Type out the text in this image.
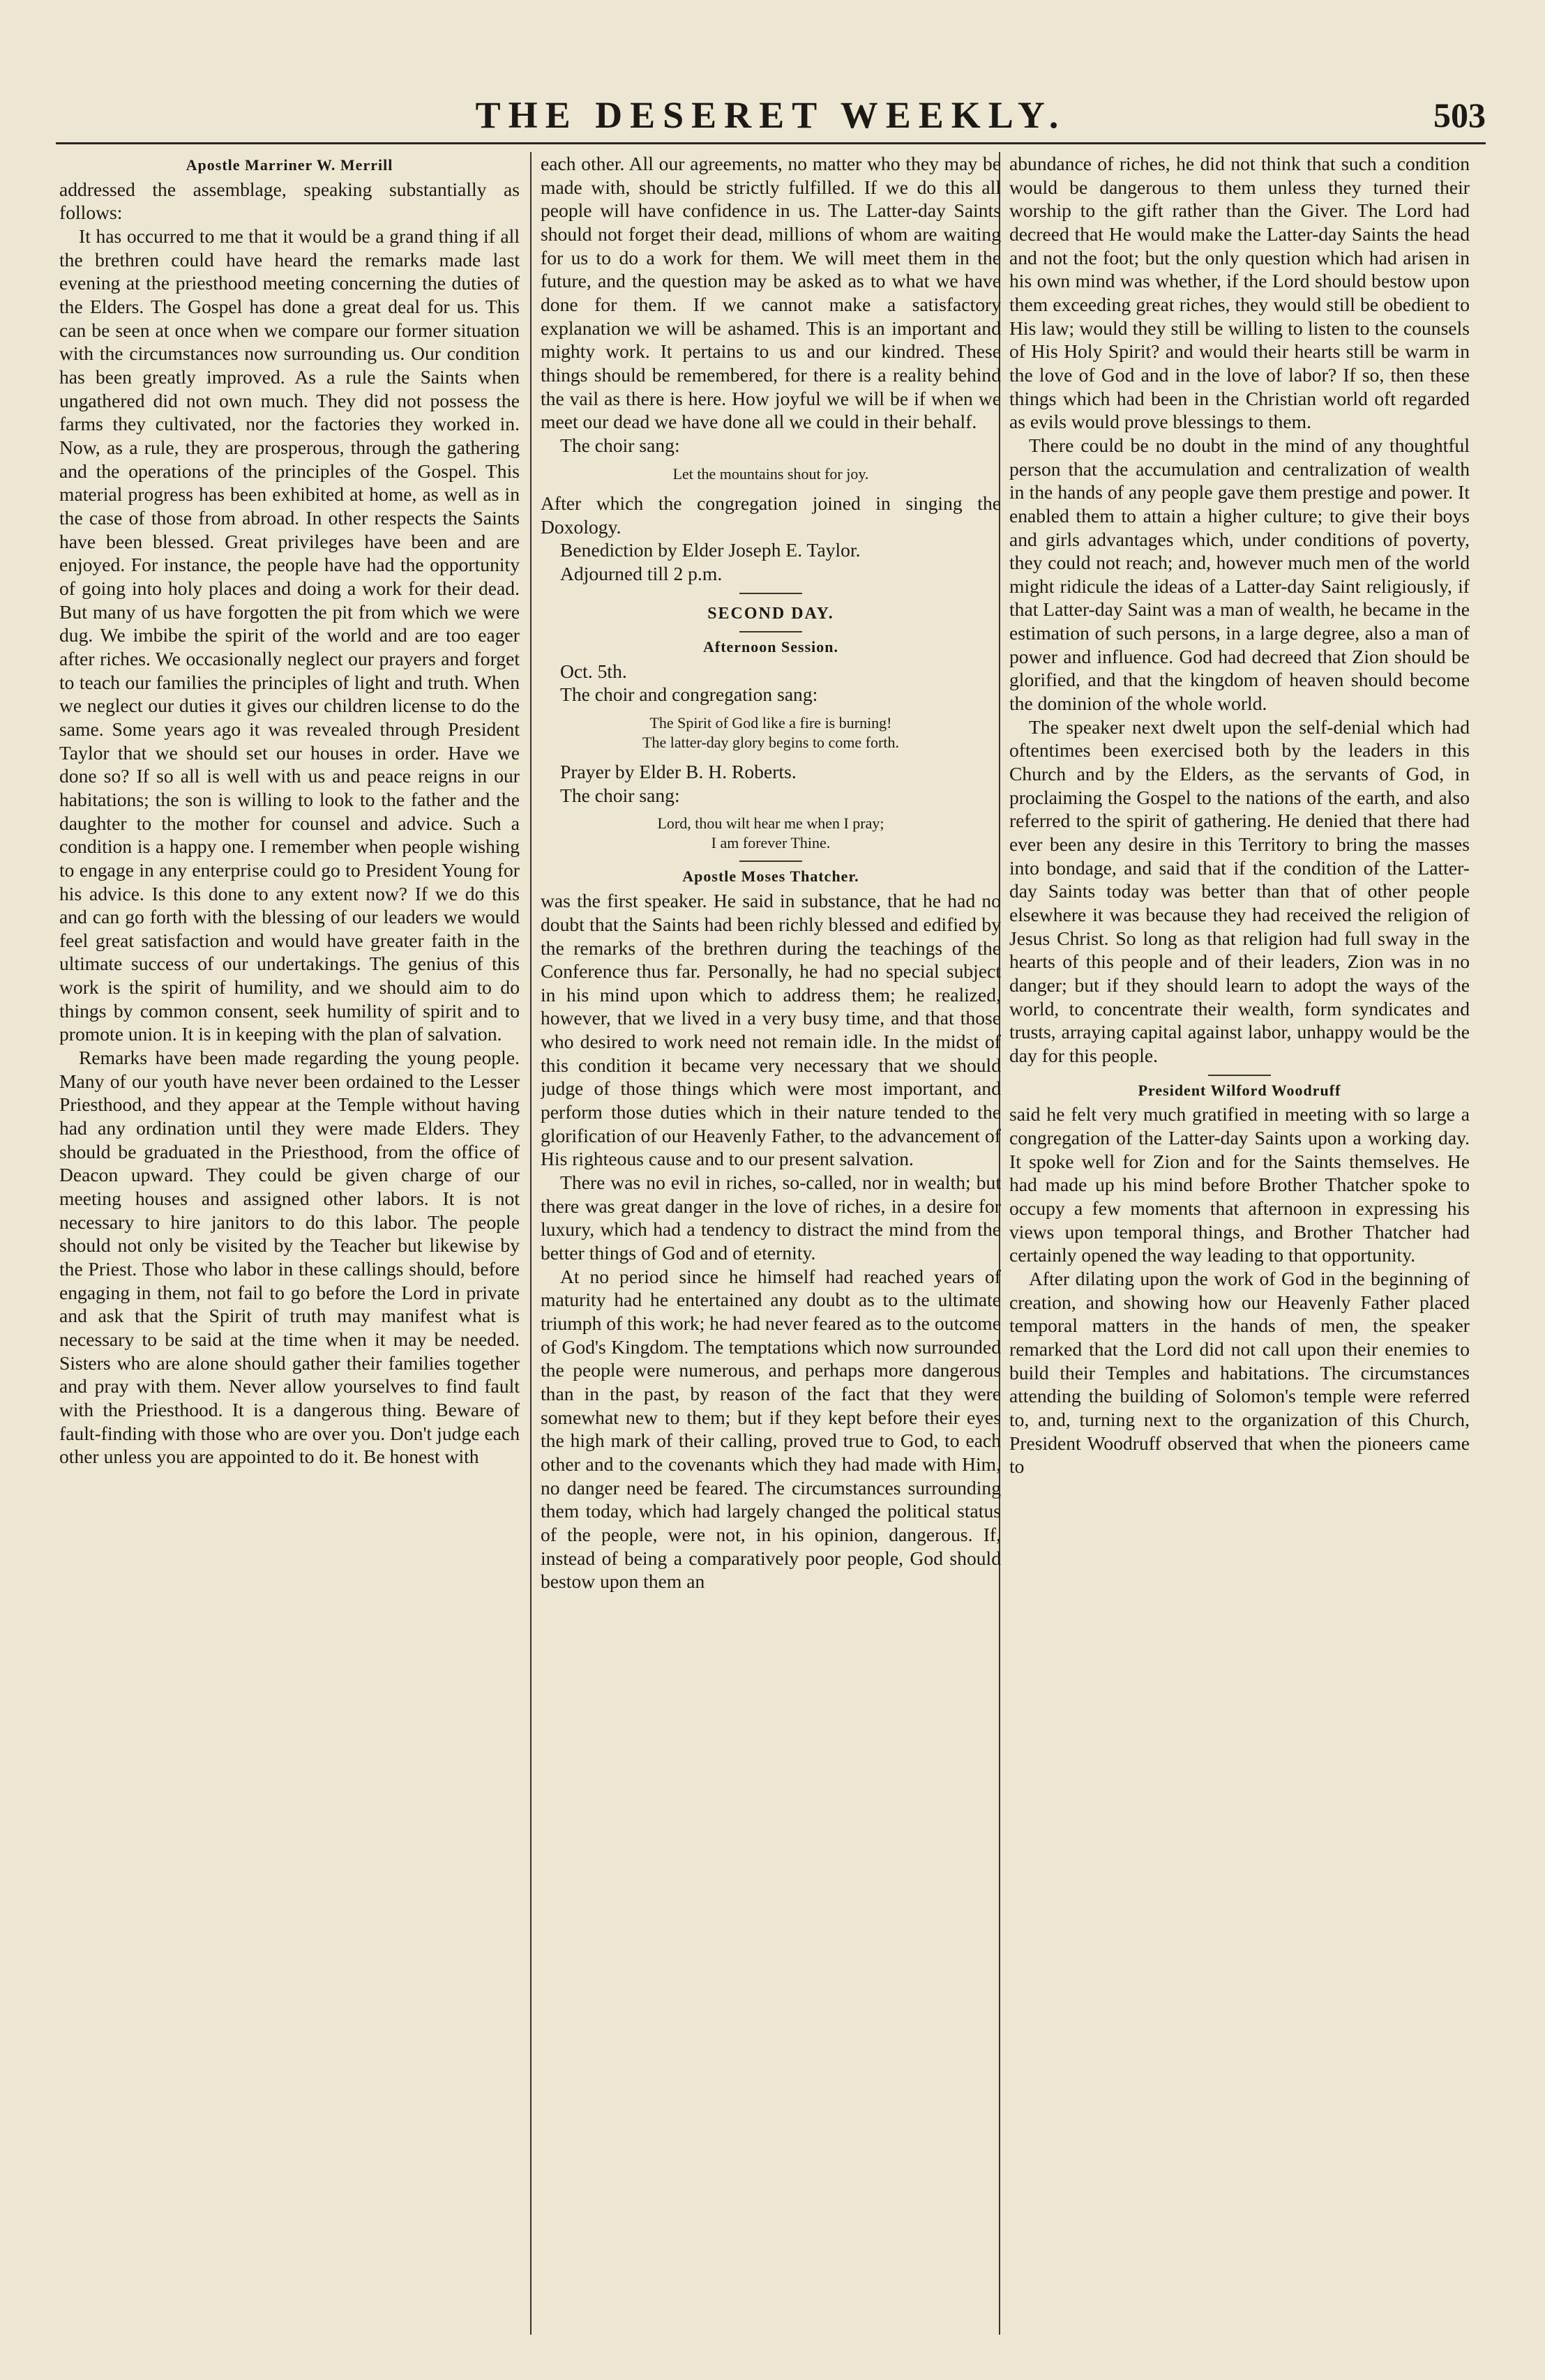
THE DESERET WEEKLY.	503
Apostle Marriner W. Merrill

addressed the assemblage, speaking substantially as follows:

It has occurred to me that it would be a grand thing if all the brethren could have heard the remarks made last evening at the priesthood meeting concerning the duties of the Elders. The Gospel has done a great deal for us. This can be seen at once when we compare our former situation with the circumstances now surrounding us. Our condition has been greatly improved. As a rule the Saints when ungathered did not own much. They did not possess the farms they cultivated, nor the factories they worked in. Now, as a rule, they are prosperous, through the gathering and the operations of the principles of the Gospel. This material progress has been exhibited at home, as well as in the case of those from abroad. In other respects the Saints have been blessed. Great privileges have been and are enjoyed. For instance, the people have had the opportunity of going into holy places and doing a work for their dead. But many of us have forgotten the pit from which we were dug. We imbibe the spirit of the world and are too eager after riches. We occasionally neglect our prayers and forget to teach our families the principles of light and truth. When we neglect our duties it gives our children license to do the same. Some years ago it was revealed through President Taylor that we should set our houses in order. Have we done so? If so all is well with us and peace reigns in our habitations; the son is willing to look to the father and the daughter to the mother for counsel and advice. Such a condition is a happy one. I remember when people wishing to engage in any enterprise could go to President Young for his advice. Is this done to any extent now? If we do this and can go forth with the blessing of our leaders we would feel great satisfaction and would have greater faith in the ultimate success of our undertakings. The genius of this work is the spirit of humility, and we should aim to do things by common consent, seek humility of spirit and to promote union. It is in keeping with the plan of salvation.

Remarks have been made regarding the young people. Many of our youth have never been ordained to the Lesser Priesthood, and they appear at the Temple without having had any ordination until they were made Elders. They should be graduated in the Priesthood, from the office of Deacon upward. They could be given charge of our meeting houses and assigned other labors. It is not necessary to hire janitors to do this labor. The people should not only be visited by the Teacher but likewise by the Priest. Those who labor in these callings should, before engaging in them, not fail to go before the Lord in private and ask that the Spirit of truth may manifest what is necessary to be said at the time when it may be needed. Sisters who are alone should gather their families together and pray with them. Never allow yourselves to find fault with the Priesthood. It is a dangerous thing. Beware of fault-finding with those who are over you. Don't judge each other unless you are appointed to do it. Be honest with

each other. All our agreements, no matter who they may be made with, should be strictly fulfilled. If we do this all people will have confidence in us. The Latter-day Saints should not forget their dead, millions of whom are waiting for us to do a work for them. We will meet them in the future, and the question may be asked as to what we have done for them. If we cannot make a satisfactory explanation we will be ashamed. This is an important and mighty work. It pertains to us and our kindred. These things should be remembered, for there is a reality behind the vail as there is here. How joyful we will be if when we meet our dead we have done all we could in their behalf.

The choir sang:

Let the mountains shout for joy.

After which the congregation joined in singing the Doxology.

Benediction by Elder Joseph E. Taylor.

Adjourned till 2 p.m.

SECOND DAY.
Afternoon Session.

Oct. 5th.

The choir and congregation sang:

The Spirit of God like a fire is burning!
The latter-day glory begins to come forth.

Prayer by Elder B. H. Roberts.

The choir sang:

Lord, thou wilt hear me when I pray;
I am forever Thine.
Apostle Moses Thatcher.

was the first speaker. He said in substance, that he had no doubt that the Saints had been richly blessed and edified by the remarks of the brethren during the teachings of the Conference thus far. Personally, he had no special subject in his mind upon which to address them; he realized, however, that we lived in a very busy time, and that those who desired to work need not remain idle. In the midst of this condition it became very necessary that we should judge of those things which were most important, and perform those duties which in their nature tended to the glorification of our Heavenly Father, to the advancement of His righteous cause and to our present salvation.

There was no evil in riches, so-called, nor in wealth; but there was great danger in the love of riches, in a desire for luxury, which had a tendency to distract the mind from the better things of God and of eternity.

At no period since he himself had reached years of maturity had he entertained any doubt as to the ultimate triumph of this work; he had never feared as to the outcome of God's Kingdom. The temptations which now surrounded the people were numerous, and perhaps more dangerous than in the past, by reason of the fact that they were somewhat new to them; but if they kept before their eyes the high mark of their calling, proved true to God, to each other and to the covenants which they had made with Him, no danger need be feared. The circumstances surrounding them today, which had largely changed the political status of the people, were not, in his opinion, dangerous. If, instead of being a comparatively poor people, God should bestow upon them an

abundance of riches, he did not think that such a condition would be dangerous to them unless they turned their worship to the gift rather than the Giver. The Lord had decreed that He would make the Latter-day Saints the head and not the foot; but the only question which had arisen in his own mind was whether, if the Lord should bestow upon them exceeding great riches, they would still be obedient to His law; would they still be willing to listen to the counsels of His Holy Spirit? and would their hearts still be warm in the love of God and in the love of labor? If so, then these things which had been in the Christian world oft regarded as evils would prove blessings to them.

There could be no doubt in the mind of any thoughtful person that the accumulation and centralization of wealth in the hands of any people gave them prestige and power. It enabled them to attain a higher culture; to give their boys and girls advantages which, under conditions of poverty, they could not reach; and, however much men of the world might ridicule the ideas of a Latter-day Saint religiously, if that Latter-day Saint was a man of wealth, he became in the estimation of such persons, in a large degree, also a man of power and influence. God had decreed that Zion should be glorified, and that the kingdom of heaven should become the dominion of the whole world.

The speaker next dwelt upon the self-denial which had oftentimes been exercised both by the leaders in this Church and by the Elders, as the servants of God, in proclaiming the Gospel to the nations of the earth, and also referred to the spirit of gathering. He denied that there had ever been any desire in this Territory to bring the masses into bondage, and said that if the condition of the Latter-day Saints today was better than that of other people elsewhere it was because they had received the religion of Jesus Christ. So long as that religion had full sway in the hearts of this people and of their leaders, Zion was in no danger; but if they should learn to adopt the ways of the world, to concentrate their wealth, form syndicates and trusts, arraying capital against labor, unhappy would be the day for this people.

President Wilford Woodruff

said he felt very much gratified in meeting with so large a congregation of the Latter-day Saints upon a working day. It spoke well for Zion and for the Saints themselves. He had made up his mind before Brother Thatcher spoke to occupy a few moments that afternoon in expressing his views upon temporal things, and Brother Thatcher had certainly opened the way leading to that opportunity.

After dilating upon the work of God in the beginning of creation, and showing how our Heavenly Father placed temporal matters in the hands of men, the speaker remarked that the Lord did not call upon their enemies to build their Temples and habitations. The circumstances attending the building of Solomon's temple were referred to, and, turning next to the organization of this Church, President Woodruff observed that when the pioneers came to
